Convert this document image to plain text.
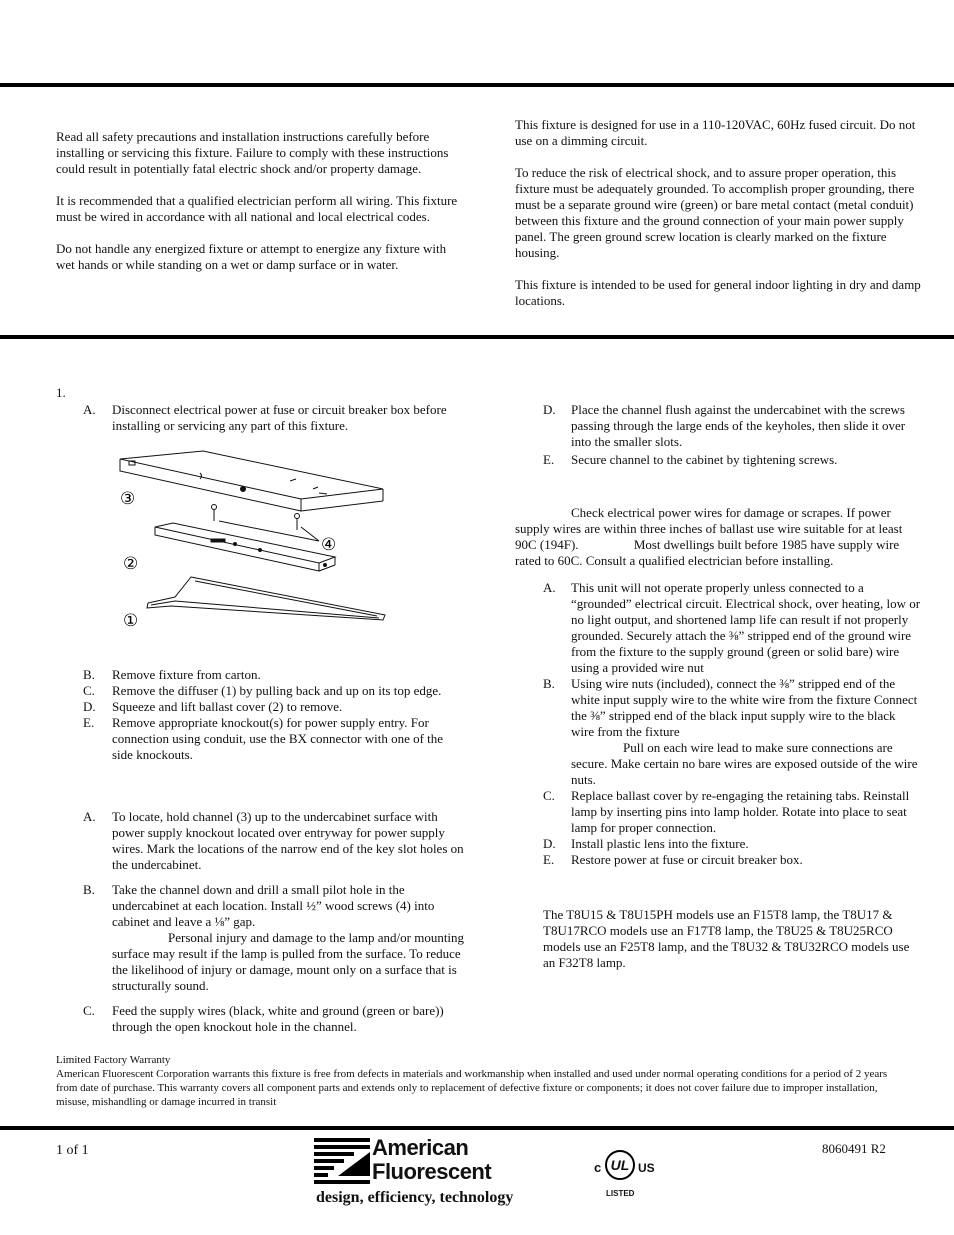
Read all safety precautions and installation instructions carefully before installing or servicing this fixture. Failure to comply with these instructions could result in potentially fatal electric shock and/or property damage.

It is recommended that a qualified electrician perform all wiring. This fixture must be wired in accordance with all national and local electrical codes.

Do not handle any energized fixture or attempt to energize any fixture with wet hands or while standing on a wet or damp surface or in water.

This fixture is designed for use in a 110-120VAC, 60Hz fused circuit. Do not use on a dimming circuit.

To reduce the risk of electrical shock, and to assure proper operation, this fixture must be adequately grounded. To accomplish proper grounding, there must be a separate ground wire (green) or bare metal contact (metal conduit) between this fixture and the ground connection of your main power supply panel. The green ground screw location is clearly marked on the fixture housing.

This fixture is intended to be used for general indoor lighting in dry and damp locations.

1.
A. Disconnect electrical power at fuse or circuit breaker box before installing or servicing any part of this fixture.
③
④
②
①
B. Remove fixture from carton.
C. Remove the diffuser (1) by pulling back and up on its top edge.
D. Squeeze and lift ballast cover (2) to remove.
E. Remove appropriate knockout(s) for power supply entry. For connection using conduit, use the BX connector with one of the side knockouts.
A. To locate, hold channel (3) up to the undercabinet surface with power supply knockout located over entryway for power supply wires. Mark the locations of the narrow end of the key slot holes on the undercabinet.
B. Take the channel down and drill a small pilot hole in the undercabinet at each location. Install ½” wood screws (4) into cabinet and leave a ⅛” gap.
Personal injury and damage to the lamp and/or mounting surface may result if the lamp is pulled from the surface. To reduce the likelihood of injury or damage, mount only on a surface that is structurally sound.
C. Feed the supply wires (black, white and ground (green or bare)) through the open knockout hole in the channel.
D. Place the channel flush against the undercabinet with the screws passing through the large ends of the keyholes, then slide it over into the smaller slots.
E. Secure channel to the cabinet by tightening screws.
Check electrical power wires for damage or scrapes. If power supply wires are within three inches of ballast use wire suitable for at least 90C (194F).	Most dwellings built before 1985 have supply wire rated to 60C. Consult a qualified electrician before installing.
A. This unit will not operate properly unless connected to a “grounded” electrical circuit. Electrical shock, over heating, low or no light output, and shortened lamp life can result if not properly grounded. Securely attach the ⅜” stripped end of the ground wire from the fixture to the supply ground (green or solid bare) wire using a provided wire nut
B. Using wire nuts (included), connect the ⅜” stripped end of the white input supply wire to the white wire from the fixture Connect the ⅜” stripped end of the black input supply wire to the black wire from the fixture
Pull on each wire lead to make sure connections are secure. Make certain no bare wires are exposed outside of the wire nuts.
C. Replace ballast cover by re-engaging the retaining tabs. Reinstall lamp by inserting pins into lamp holder. Rotate into place to seat lamp for proper connection.
D. Install plastic lens into the fixture.
E. Restore power at fuse or circuit breaker box.
The T8U15 & T8U15PH models use an F15T8 lamp, the T8U17 & T8U17RCO models use an F17T8 lamp, the T8U25 & T8U25RCO models use an F25T8 lamp, and the T8U32 & T8U32RCO models use an F32T8 lamp.
Limited Factory Warranty
American Fluorescent Corporation warrants this fixture is free from defects in materials and workmanship when installed and used under normal operating conditions for a period of 2 years from date of purchase. This warranty covers all component parts and extends only to replacement of defective fixture or components; it does not cover failure due to improper installation, misuse, mishandling or damage incurred in transit
1 of 1	8060491 R2
American
Fluorescent
design, efficiency, technology
c UL US
LISTED
